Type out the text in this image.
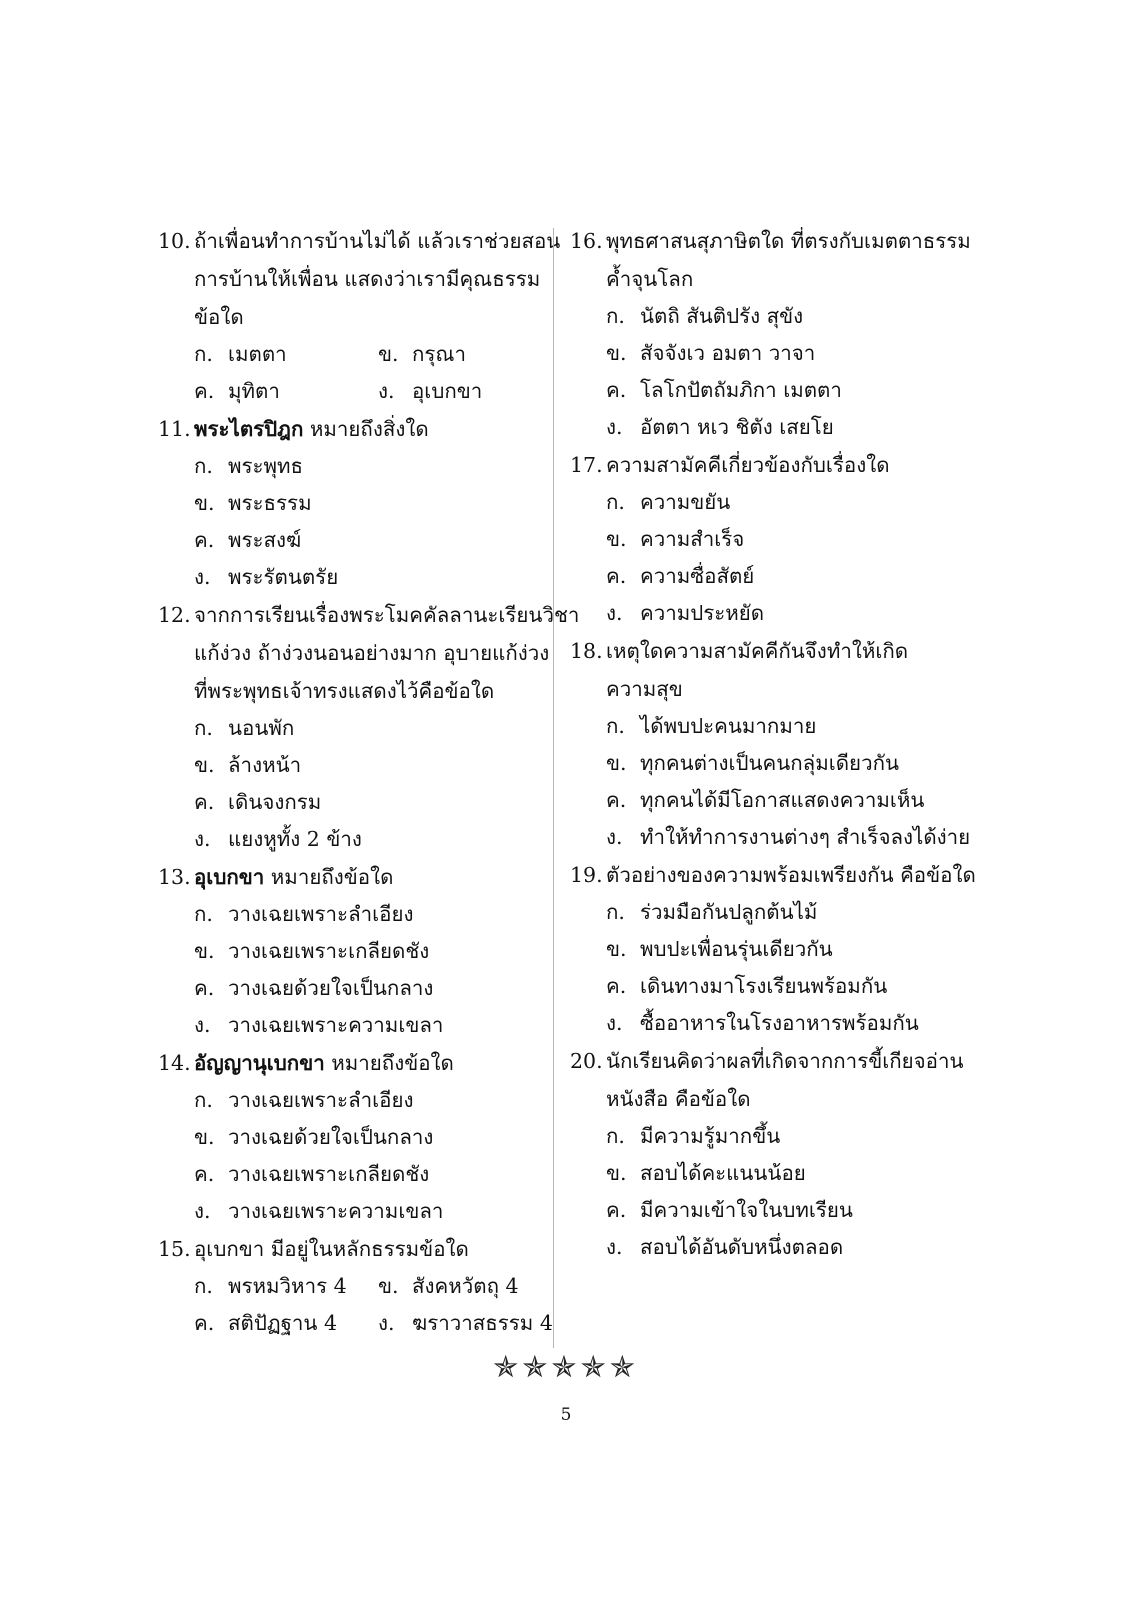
10. ถ้าเพื่อนทำการบ้านไม่ได้ แล้วเราช่วยสอน
การบ้านให้เพื่อน แสดงว่าเรามีคุณธรรม
ข้อใด
ก. เมตตา	ข. กรุณา
ค. มุทิตา	ง. อุเบกขา
11. พระไตรปิฎก หมายถึงสิ่งใด
ก. พระพุทธ
ข. พระธรรม
ค. พระสงฆ์
ง. พระรัตนตรัย
12. จากการเรียนเรื่องพระโมคคัลลานะเรียนวิชา
แก้ง่วง ถ้าง่วงนอนอย่างมาก อุบายแก้ง่วง
ที่พระพุทธเจ้าทรงแสดงไว้คือข้อใด
ก. นอนพัก
ข. ล้างหน้า
ค. เดินจงกรม
ง. แยงหูทั้ง 2 ข้าง
13. อุเบกขา หมายถึงข้อใด
ก. วางเฉยเพราะลำเอียง
ข. วางเฉยเพราะเกลียดชัง
ค. วางเฉยด้วยใจเป็นกลาง
ง. วางเฉยเพราะความเขลา
14. อัญญานุเบกขา หมายถึงข้อใด
ก. วางเฉยเพราะลำเอียง
ข. วางเฉยด้วยใจเป็นกลาง
ค. วางเฉยเพราะเกลียดชัง
ง. วางเฉยเพราะความเขลา
15. อุเบกขา มีอยู่ในหลักธรรมข้อใด
ก. พรหมวิหาร 4 ข. สังคหวัตถุ 4
ค. สติปัฏฐาน 4 ง. ฆราวาสธรรม 4
16. พุทธศาสนสุภาษิตใด ที่ตรงกับเมตตาธรรม
ค้ำจุนโลก
ก. นัตถิ สันติปรัง สุขัง
ข. สัจจังเว อมตา วาจา
ค. โลโกปัตถัมภิกา เมตตา
ง. อัตตา หเว ชิตัง เสยโย
17. ความสามัคคีเกี่ยวข้องกับเรื่องใด
ก. ความขยัน
ข. ความสำเร็จ
ค. ความซื่อสัตย์
ง. ความประหยัด
18. เหตุใดความสามัคคีกันจึงทำให้เกิด
ความสุข
ก. ได้พบปะคนมากมาย
ข. ทุกคนต่างเป็นคนกลุ่มเดียวกัน
ค. ทุกคนได้มีโอกาสแสดงความเห็น
ง. ทำให้ทำการงานต่างๆ สำเร็จลงได้ง่าย
19. ตัวอย่างของความพร้อมเพรียงกัน คือข้อใด
ก. ร่วมมือกันปลูกต้นไม้
ข. พบปะเพื่อนรุ่นเดียวกัน
ค. เดินทางมาโรงเรียนพร้อมกัน
ง. ซื้ออาหารในโรงอาหารพร้อมกัน
20. นักเรียนคิดว่าผลที่เกิดจากการขี้เกียจอ่าน
หนังสือ คือข้อใด
ก. มีความรู้มากขึ้น
ข. สอบได้คะแนนน้อย
ค. มีความเข้าใจในบทเรียน
ง. สอบได้อันดับหนึ่งตลอด
✯✯✯✯✯
5
